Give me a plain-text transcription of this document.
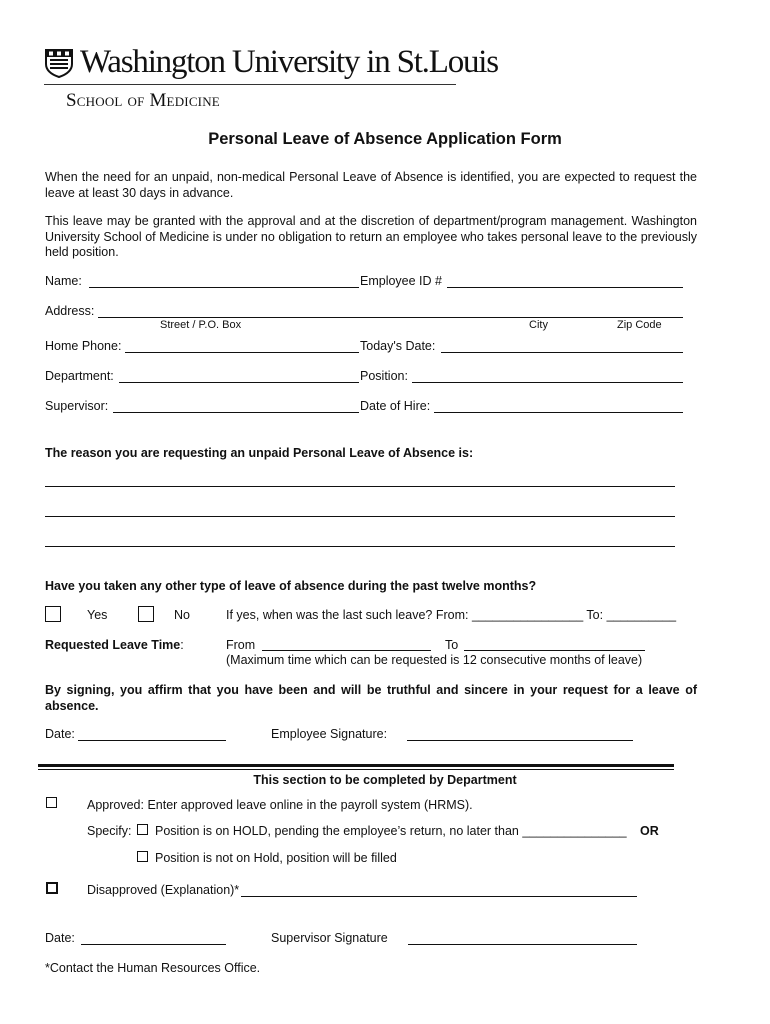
Washington University in St.Louis
School of Medicine
Personal Leave of Absence Application Form
When the need for an unpaid, non-medical Personal Leave of Absence is identified, you are expected to request the leave at least 30 days in advance.
This leave may be granted with the approval and at the discretion of department/program management. Washington University School of Medicine is under no obligation to return an employee who takes personal leave to the previously held position.
Name:	Employee ID #
Address:
Street / P.O. Box	City	Zip Code
Home Phone:	Today's Date:
Department:	Position:
Supervisor:	Date of Hire:
The reason you are requesting an unpaid Personal Leave of Absence is:
Have you taken any other type of leave of absence during the past twelve months?
Yes	No	If yes, when was the last such leave? From: ________________ To: __________
Requested Leave Time:	From	To
(Maximum time which can be requested is 12 consecutive months of leave)
By signing, you affirm that you have been and will be truthful and sincere in your request for a leave of absence.
Date:	Employee Signature:
This section to be completed by Department
Approved: Enter approved leave online in the payroll system (HRMS).
Specify: Position is on HOLD, pending the employee’s return, no later than _______________ OR
Position is not on Hold, position will be filled
Disapproved (Explanation)*
Date:	Supervisor Signature
*Contact the Human Resources Office.
